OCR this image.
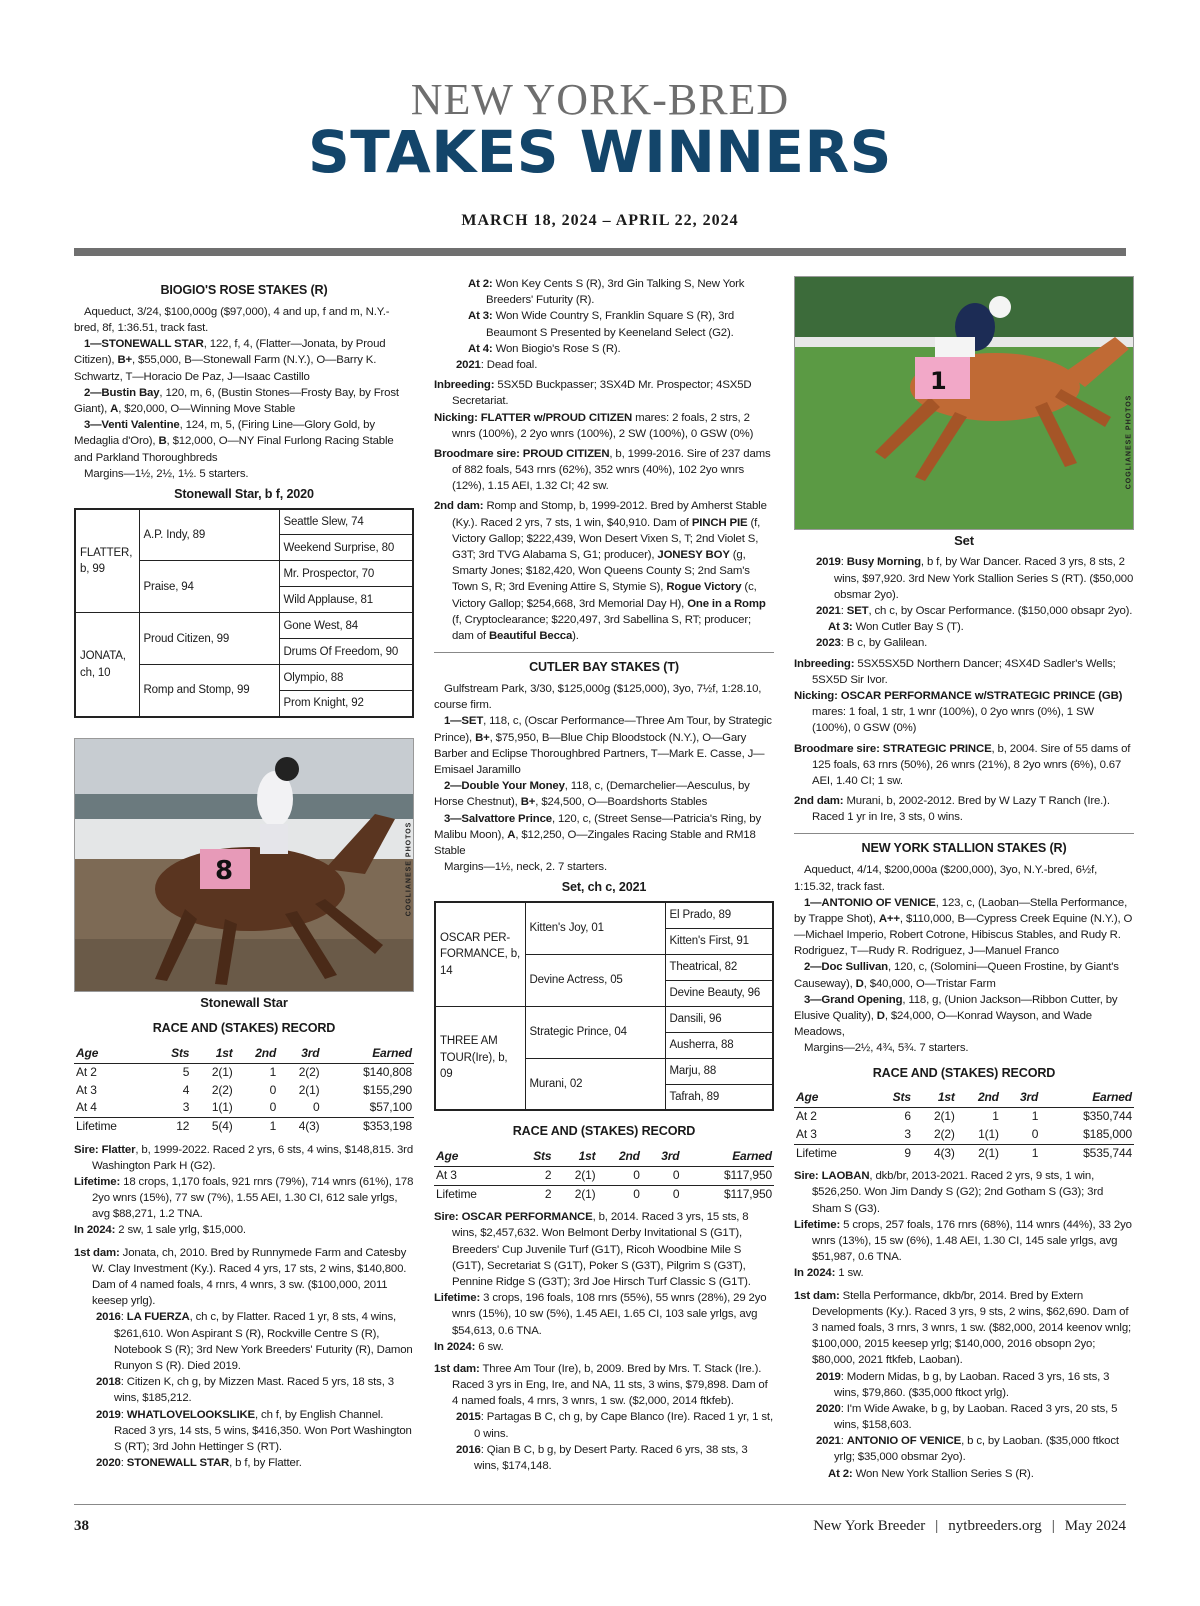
NEW YORK-BRED
STAKES WINNERS
MARCH 18, 2024 – APRIL 22, 2024
BIOGIO'S ROSE STAKES (R)
Aqueduct, 3/24, $100,000g ($97,000), 4 and up, f and m, N.Y.-bred, 8f, 1:36.51, track fast.
1—STONEWALL STAR, 122, f, 4, (Flatter—Jonata, by Proud Citizen), B+, $55,000, B—Stonewall Farm (N.Y.), O—Barry K. Schwartz, T—Horacio De Paz, J—Isaac Castillo
2—Bustin Bay, 120, m, 6, (Bustin Stones—Frosty Bay, by Frost Giant), A, $20,000, O—Winning Move Stable
3—Venti Valentine, 124, m, 5, (Firing Line—Glory Gold, by Medaglia d'Oro), B, $12,000, O—NY Final Furlong Racing Stable and Parkland Thoroughbreds
Margins—1½, 2½, 1½. 5 starters.
Stonewall Star, b f, 2020
FLATTER, b, 99	A.P. Indy, 89	Seattle Slew, 74
		Weekend Surprise, 80
	Praise, 94	Mr. Prospector, 70
		Wild Applause, 81
JONATA, ch, 10	Proud Citizen, 99	Gone West, 84
		Drums Of Freedom, 90
	Romp and Stomp, 99	Olympio, 88
		Prom Knight, 92
8	COGLIANESE PHOTOS
Stonewall Star
RACE AND (STAKES) RECORD
Age	Sts	1st	2nd	3rd	Earned
At 2	5	2(1)	1	2(2)	$140,808
At 3	4	2(2)	0	2(1)	$155,290
At 4	3	1(1)	0	0	$57,100
Lifetime	12	5(4)	1	4(3)	$353,198
Sire: Flatter, b, 1999-2022. Raced 2 yrs, 6 sts, 4 wins, $148,815. 3rd Washington Park H (G2).
Lifetime: 18 crops, 1,170 foals, 921 rnrs (79%), 714 wnrs (61%), 178 2yo wnrs (15%), 77 sw (7%), 1.55 AEI, 1.30 CI, 612 sale yrlgs, avg $88,271, 1.2 TNA.
In 2024: 2 sw, 1 sale yrlg, $15,000.
1st dam: Jonata, ch, 2010. Bred by Runnymede Farm and Catesby W. Clay Investment (Ky.). Raced 4 yrs, 17 sts, 2 wins, $140,800. Dam of 4 named foals, 4 rnrs, 4 wnrs, 3 sw. ($100,000, 2011 keesep yrlg).
2016: LA FUERZA, ch c, by Flatter. Raced 1 yr, 8 sts, 4 wins, $261,610. Won Aspirant S (R), Rockville Centre S (R), Notebook S (R); 3rd New York Breeders' Futurity (R), Damon Runyon S (R). Died 2019.
2018: Citizen K, ch g, by Mizzen Mast. Raced 5 yrs, 18 sts, 3 wins, $185,212.
2019: WHATLOVELOOKSLIKE, ch f, by English Channel. Raced 3 yrs, 14 sts, 5 wins, $416,350. Won Port Washington S (RT); 3rd John Hettinger S (RT).
2020: STONEWALL STAR, b f, by Flatter.
At 2: Won Key Cents S (R), 3rd Gin Talking S, New York Breeders' Futurity (R).
At 3: Won Wide Country S, Franklin Square S (R), 3rd Beaumont S Presented by Keeneland Select (G2).
At 4: Won Biogio's Rose S (R).
2021: Dead foal.
Inbreeding: 5SX5D Buckpasser; 3SX4D Mr. Prospector; 4SX5D Secretariat.
Nicking: FLATTER w/PROUD CITIZEN mares: 2 foals, 2 strs, 2 wnrs (100%), 2 2yo wnrs (100%), 2 SW (100%), 0 GSW (0%)
Broodmare sire: PROUD CITIZEN, b, 1999-2016. Sire of 237 dams of 882 foals, 543 rnrs (62%), 352 wnrs (40%), 102 2yo wnrs (12%), 1.15 AEI, 1.32 CI; 42 sw.
2nd dam: Romp and Stomp, b, 1999-2012. Bred by Amherst Stable (Ky.). Raced 2 yrs, 7 sts, 1 win, $40,910. Dam of PINCH PIE (f, Victory Gallop; $222,439, Won Desert Vixen S, T; 2nd Violet S, G3T; 3rd TVG Alabama S, G1; producer), JONESY BOY (g, Smarty Jones; $182,420, Won Queens County S; 2nd Sam's Town S, R; 3rd Evening Attire S, Stymie S), Rogue Victory (c, Victory Gallop; $254,668, 3rd Memorial Day H), One in a Romp (f, Cryptoclearance; $220,497, 3rd Sabellina S, RT; producer; dam of Beautiful Becca).
CUTLER BAY STAKES (T)
Gulfstream Park, 3/30, $125,000g ($125,000), 3yo, 7½f, 1:28.10, course firm.
1—SET, 118, c, (Oscar Performance—Three Am Tour, by Strategic Prince), B+, $75,950, B—Blue Chip Bloodstock (N.Y.), O—Gary Barber and Eclipse Thoroughbred Partners, T—Mark E. Casse, J—Emisael Jaramillo
2—Double Your Money, 118, c, (Demarchelier—Aesculus, by Horse Chestnut), B+, $24,500, O—Boardshorts Stables
3—Salvattore Prince, 120, c, (Street Sense—Patricia's Ring, by Malibu Moon), A, $12,250, O—Zingales Racing Stable and RM18 Stable
Margins—1½, neck, 2. 7 starters.
Set, ch c, 2021
OSCAR PER-FORMANCE, b, 14	Kitten's Joy, 01	El Prado, 89
		Kitten's First, 91
	Devine Actress, 05	Theatrical, 82
		Devine Beauty, 96
THREE AM TOUR(Ire), b, 09	Strategic Prince, 04	Dansili, 96
		Ausherra, 88
	Murani, 02	Marju, 88
		Tafrah, 89
RACE AND (STAKES) RECORD
Age	Sts	1st	2nd	3rd	Earned
At 3	2	2(1)	0	0	$117,950
Lifetime	2	2(1)	0	0	$117,950
Sire: OSCAR PERFORMANCE, b, 2014. Raced 3 yrs, 15 sts, 8 wins, $2,457,632. Won Belmont Derby Invitational S (G1T), Breeders' Cup Juvenile Turf (G1T), Ricoh Woodbine Mile S (G1T), Secretariat S (G1T), Poker S (G3T), Pilgrim S (G3T), Pennine Ridge S (G3T); 3rd Joe Hirsch Turf Classic S (G1T).
Lifetime: 3 crops, 196 foals, 108 rnrs (55%), 55 wnrs (28%), 29 2yo wnrs (15%), 10 sw (5%), 1.45 AEI, 1.65 CI, 103 sale yrlgs, avg $54,613, 0.6 TNA.
In 2024: 6 sw.
1st dam: Three Am Tour (Ire), b, 2009. Bred by Mrs. T. Stack (Ire.). Raced 3 yrs in Eng, Ire, and NA, 11 sts, 3 wins, $79,898. Dam of 4 named foals, 4 rnrs, 3 wnrs, 1 sw. ($2,000, 2014 ftkfeb).
2015: Partagas B C, ch g, by Cape Blanco (Ire). Raced 1 yr, 1 st, 0 wins.
2016: Qian B C, b g, by Desert Party. Raced 6 yrs, 38 sts, 3 wins, $174,148.
1
COGLIANESE PHOTOS
Set
2019: Busy Morning, b f, by War Dancer. Raced 3 yrs, 8 sts, 2 wins, $97,920. 3rd New York Stallion Series S (RT). ($50,000 obsmar 2yo).
2021: SET, ch c, by Oscar Performance. ($150,000 obsapr 2yo).
At 3: Won Cutler Bay S (T).
2023: B c, by Galilean.
Inbreeding: 5SX5SX5D Northern Dancer; 4SX4D Sadler's Wells; 5SX5D Sir Ivor.
Nicking: OSCAR PERFORMANCE w/STRATEGIC PRINCE (GB) mares: 1 foal, 1 str, 1 wnr (100%), 0 2yo wnrs (0%), 1 SW (100%), 0 GSW (0%)
Broodmare sire: STRATEGIC PRINCE, b, 2004. Sire of 55 dams of 125 foals, 63 rnrs (50%), 26 wnrs (21%), 8 2yo wnrs (6%), 0.67 AEI, 1.40 CI; 1 sw.
2nd dam: Murani, b, 2002-2012. Bred by W Lazy T Ranch (Ire.). Raced 1 yr in Ire, 3 sts, 0 wins.
NEW YORK STALLION STAKES (R)
Aqueduct, 4/14, $200,000a ($200,000), 3yo, N.Y.-bred, 6½f, 1:15.32, track fast.
1—ANTONIO OF VENICE, 123, c, (Laoban—Stella Performance, by Trappe Shot), A++, $110,000, B—Cypress Creek Equine (N.Y.), O—Michael Imperio, Robert Cotrone, Hibiscus Stables, and Rudy R. Rodriguez, T—Rudy R. Rodriguez, J—Manuel Franco
2—Doc Sullivan, 120, c, (Solomini—Queen Frostine, by Giant's Causeway), D, $40,000, O—Tristar Farm
3—Grand Opening, 118, g, (Union Jackson—Ribbon Cutter, by Elusive Quality), D, $24,000, O—Konrad Wayson, and Wade Meadows,
Margins—2½, 4¾, 5¾. 7 starters.
RACE AND (STAKES) RECORD
Age	Sts	1st	2nd	3rd	Earned
At 2	6	2(1)	1	1	$350,744
At 3	3	2(2)	1(1)	0	$185,000
Lifetime	9	4(3)	2(1)	1	$535,744
Sire: LAOBAN, dkb/br, 2013-2021. Raced 2 yrs, 9 sts, 1 win, $526,250. Won Jim Dandy S (G2); 2nd Gotham S (G3); 3rd Sham S (G3).
Lifetime: 5 crops, 257 foals, 176 rnrs (68%), 114 wnrs (44%), 33 2yo wnrs (13%), 15 sw (6%), 1.48 AEI, 1.30 CI, 145 sale yrlgs, avg $51,987, 0.6 TNA.
In 2024: 1 sw.
1st dam: Stella Performance, dkb/br, 2014. Bred by Extern Developments (Ky.). Raced 3 yrs, 9 sts, 2 wins, $62,690. Dam of 3 named foals, 3 rnrs, 3 wnrs, 1 sw. ($82,000, 2014 keenov wnlg; $100,000, 2015 keesep yrlg; $140,000, 2016 obsopn 2yo; $80,000, 2021 ftkfeb, Laoban).
2019: Modern Midas, b g, by Laoban. Raced 3 yrs, 16 sts, 3 wins, $79,860. ($35,000 ftkoct yrlg).
2020: I'm Wide Awake, b g, by Laoban. Raced 3 yrs, 20 sts, 5 wins, $158,603.
2021: ANTONIO OF VENICE, b c, by Laoban. ($35,000 ftkoct yrlg; $35,000 obsmar 2yo).
At 2: Won New York Stallion Series S (R).
38	New York Breeder | nytbreeders.org | May 2024
